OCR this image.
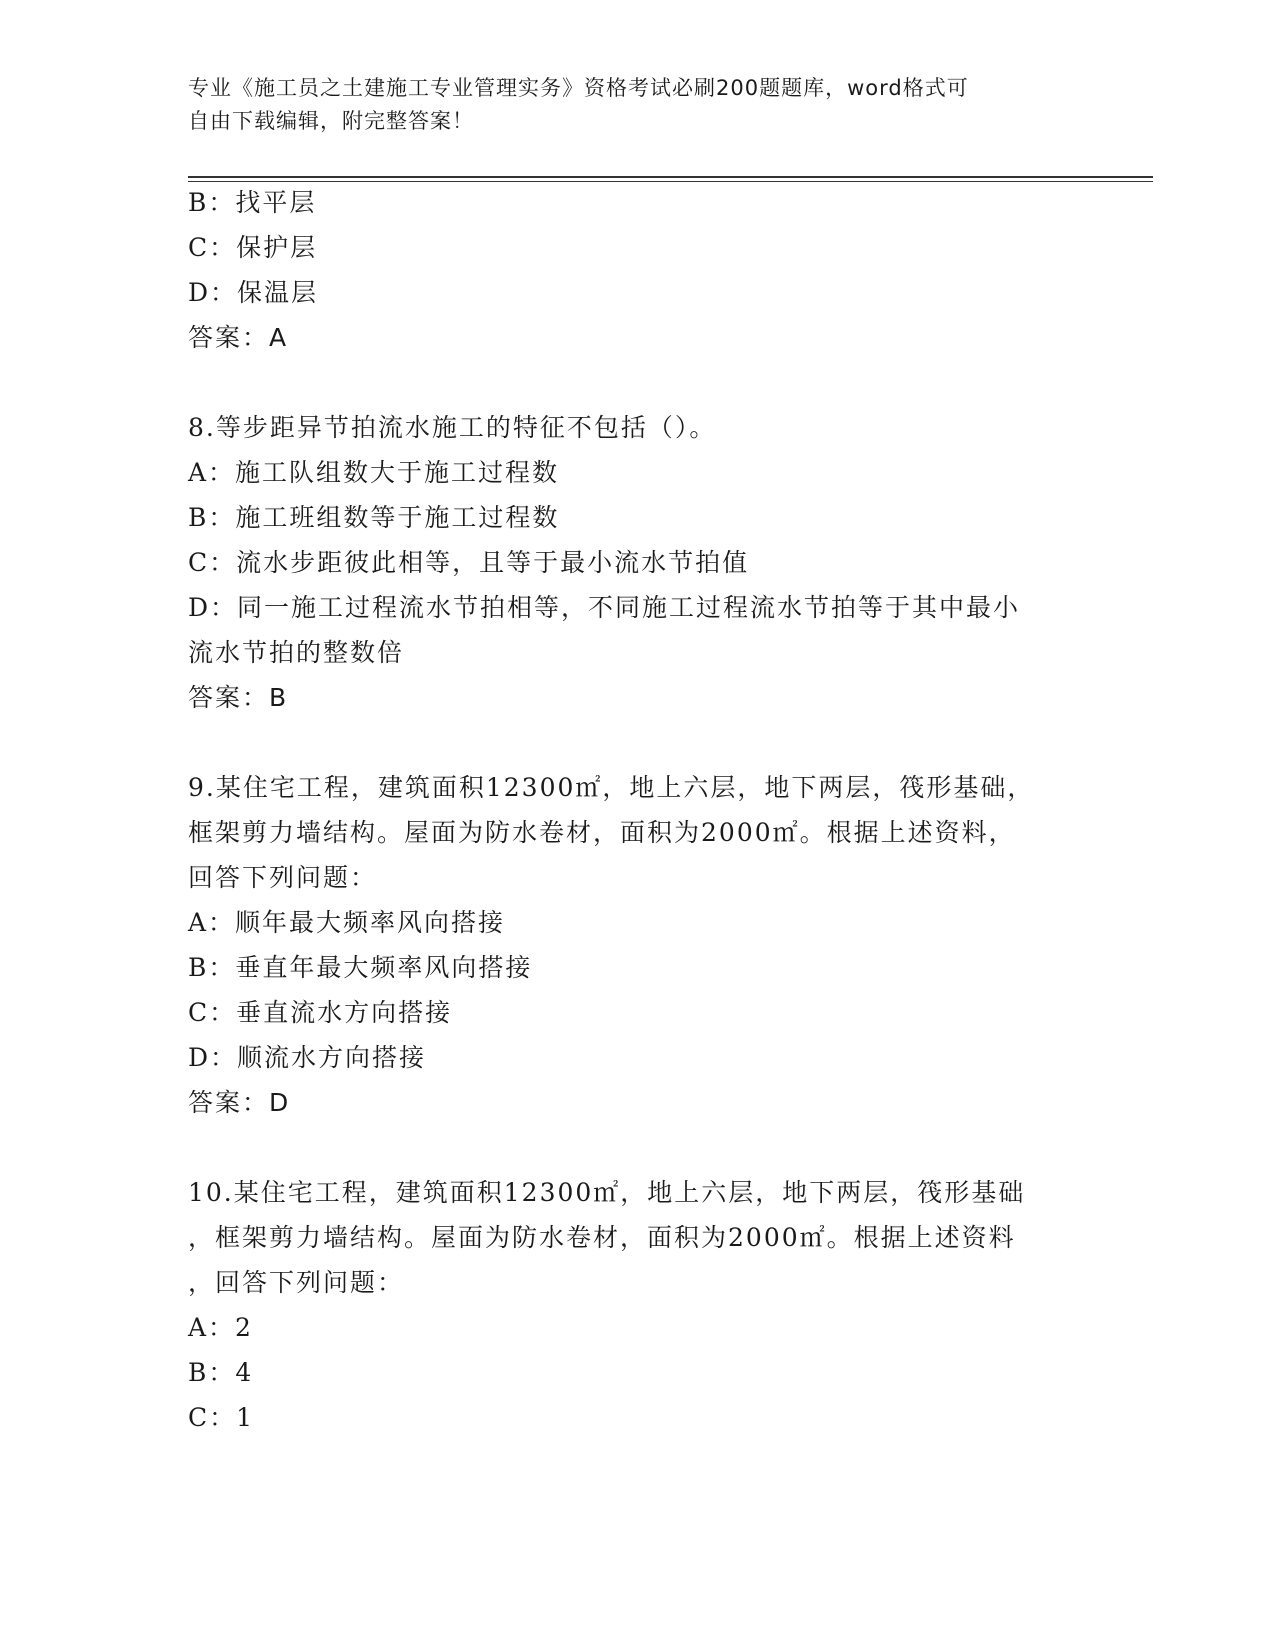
专业《施工员之土建施工专业管理实务》资格考试必刷200题题库，word格式可
自由下载编辑，附完整答案！
B：找平层
C：保护层
D：保温层
答案：A
8.等步距异节拍流水施工的特征不包括（）。
A：施工队组数大于施工过程数
B：施工班组数等于施工过程数
C：流水步距彼此相等，且等于最小流水节拍值
D：同一施工过程流水节拍相等，不同施工过程流水节拍等于其中最小
流水节拍的整数倍
答案：B
9.某住宅工程，建筑面积12300㎡，地上六层，地下两层，筏形基础，
框架剪力墙结构。屋面为防水卷材，面积为2000㎡。根据上述资料，
回答下列问题：
A：顺年最大频率风向搭接
B：垂直年最大频率风向搭接
C：垂直流水方向搭接
D：顺流水方向搭接
答案：D
10.某住宅工程，建筑面积12300㎡，地上六层，地下两层，筏形基础
，框架剪力墙结构。屋面为防水卷材，面积为2000㎡。根据上述资料
，回答下列问题：
A：2
B：4
C：1
